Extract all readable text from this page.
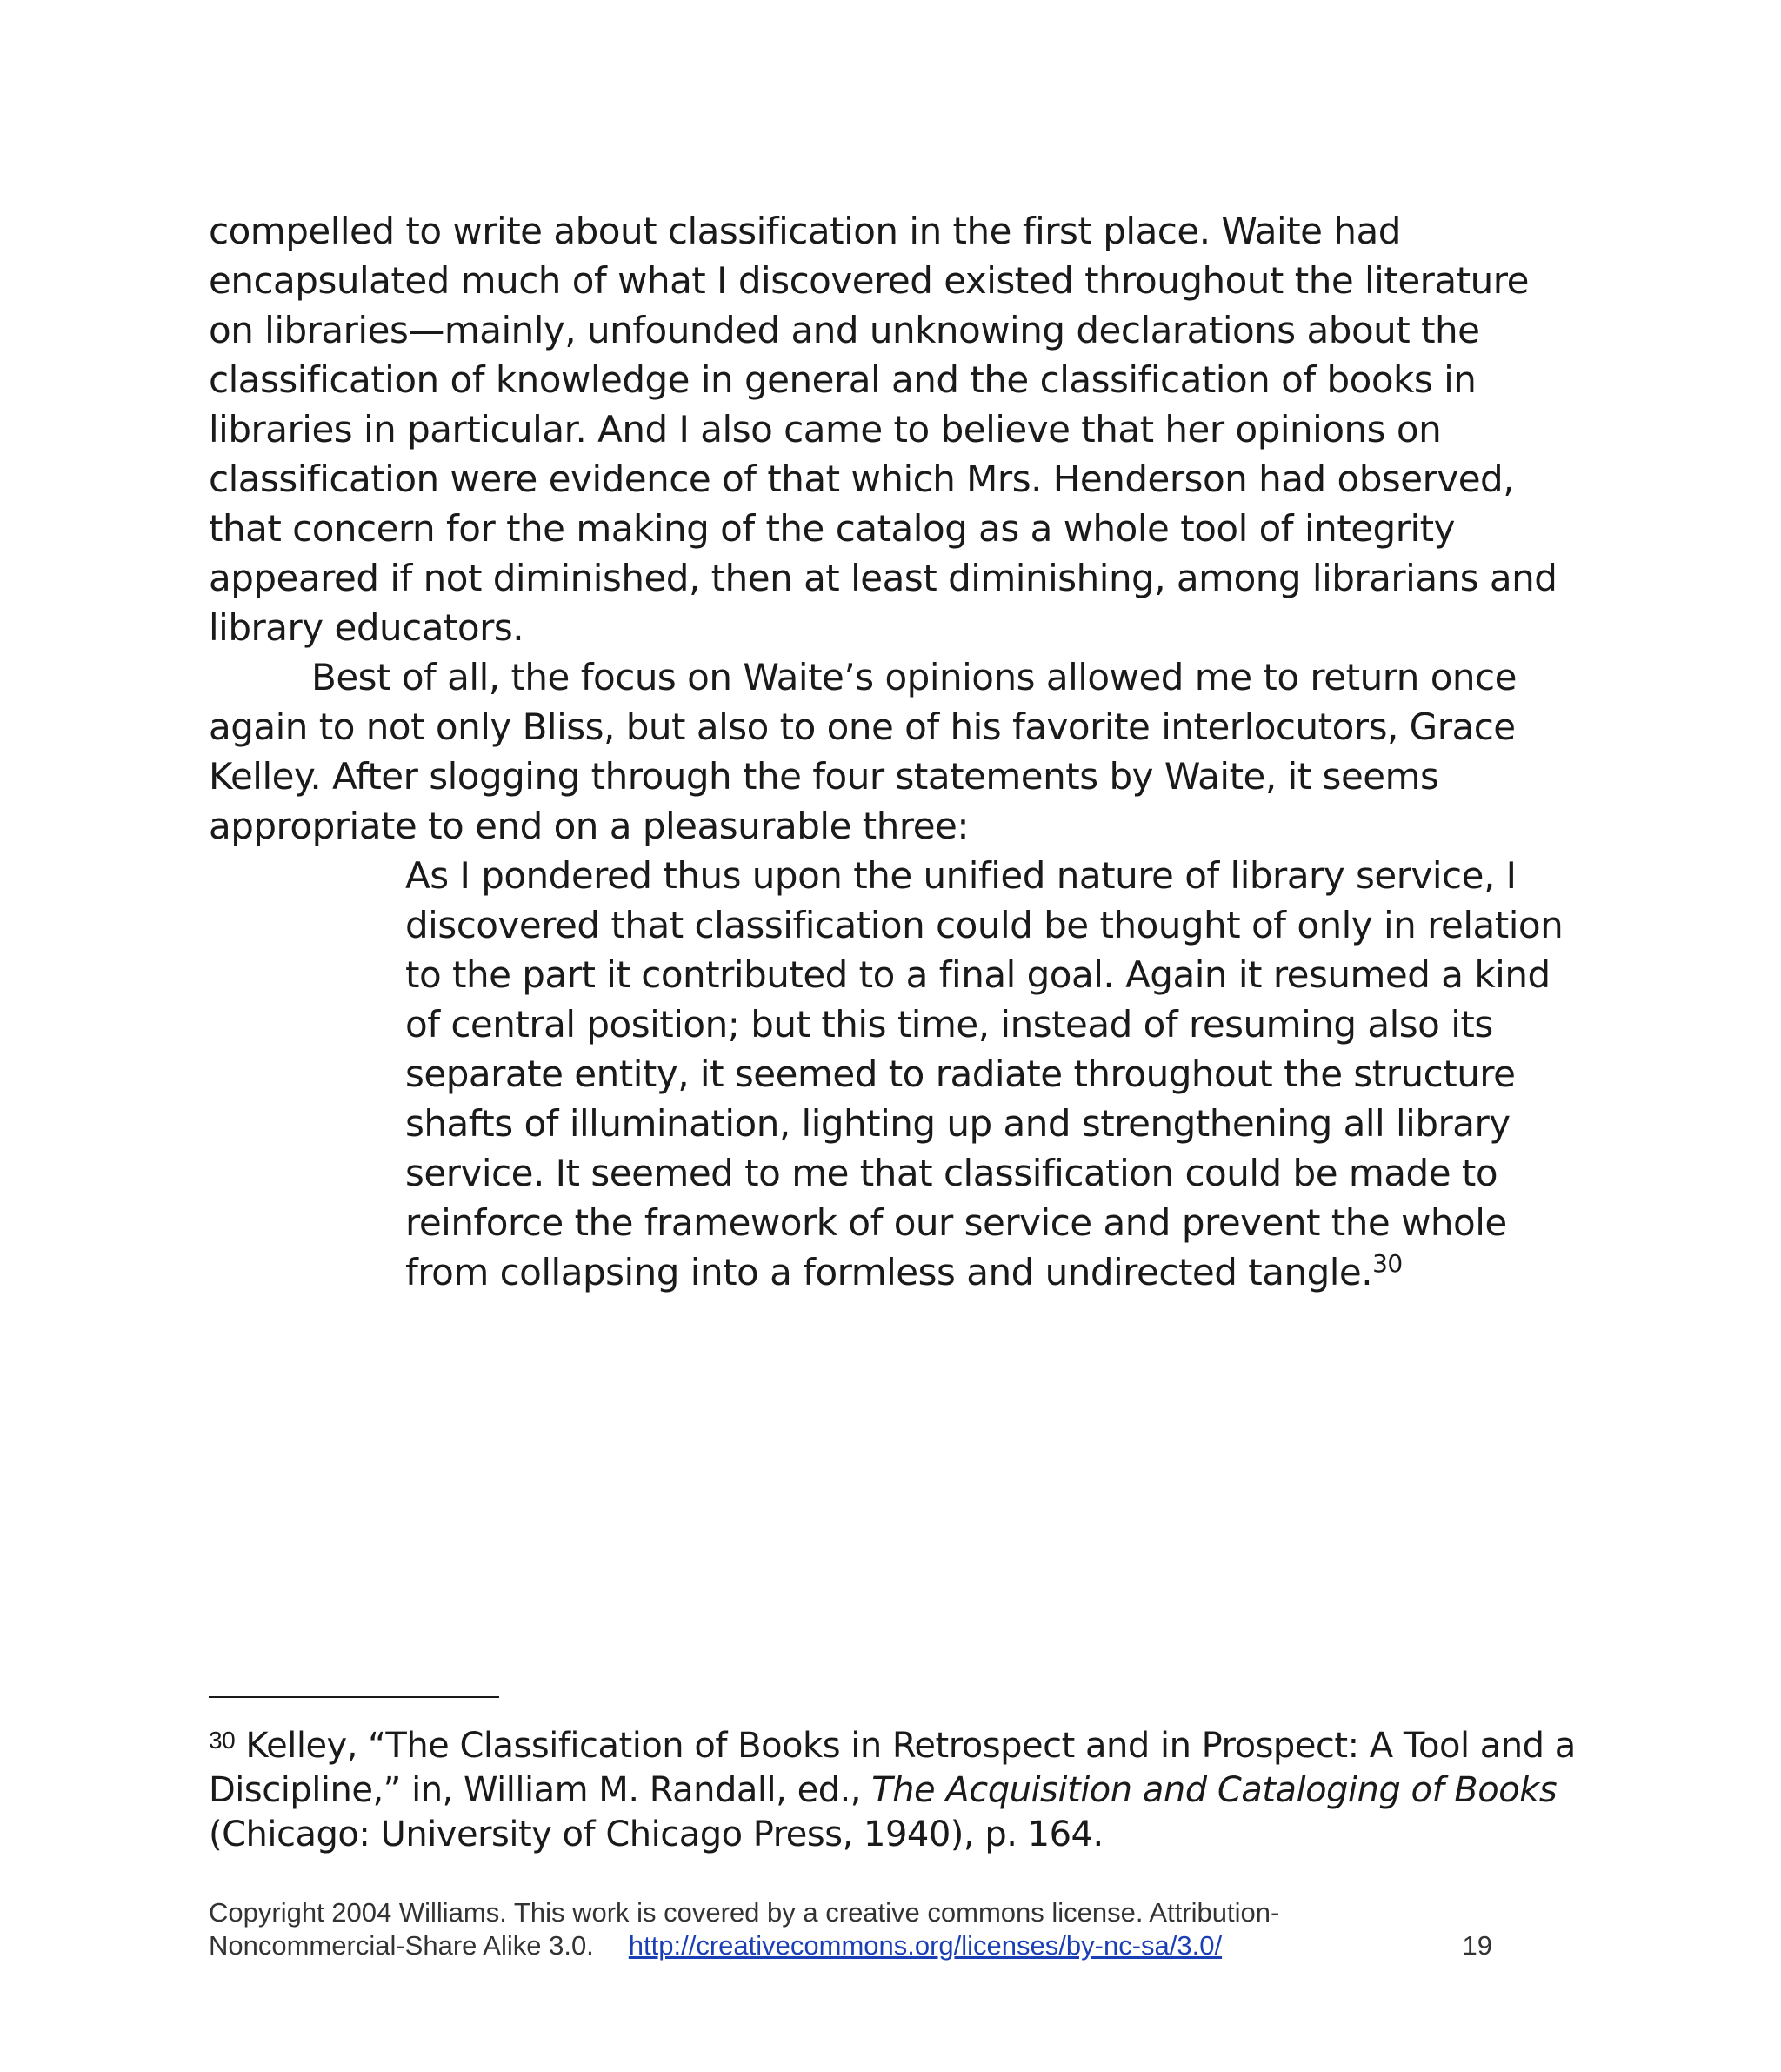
compelled to write about classification in the first place. Waite had encapsulated much of what I discovered existed throughout the literature on libraries—mainly, unfounded and unknowing declarations about the classification of knowledge in general and the classification of books in libraries in particular. And I also came to believe that her opinions on classification were evidence of that which Mrs. Henderson had observed, that concern for the making of the catalog as a whole tool of integrity appeared if not diminished, then at least diminishing, among librarians and library educators.

Best of all, the focus on Waite’s opinions allowed me to return once again to not only Bliss, but also to one of his favorite interlocutors, Grace Kelley. After slogging through the four statements by Waite, it seems appropriate to end on a pleasurable three:

As I pondered thus upon the unified nature of library service, I discovered that classification could be thought of only in relation to the part it contributed to a final goal. Again it resumed a kind of central position; but this time, instead of resuming also its separate entity, it seemed to radiate throughout the structure shafts of illumination, lighting up and strengthening all library service. It seemed to me that classification could be made to reinforce the framework of our service and prevent the whole from collapsing into a formless and undirected tangle.$^{30}$

$^{30}$ Kelley, “The Classification of Books in Retrospect and in Prospect: A Tool and a Discipline,” in, William M. Randall, ed., The Acquisition and Cataloging of Books (Chicago: University of Chicago Press, 1940), p. 164.

Copyright 2004 Williams. This work is covered by a creative commons license. Attribution-
Noncommercial-Share Alike 3.0. http://creativecommons.org/licenses/by-nc-sa/3.0/	19
